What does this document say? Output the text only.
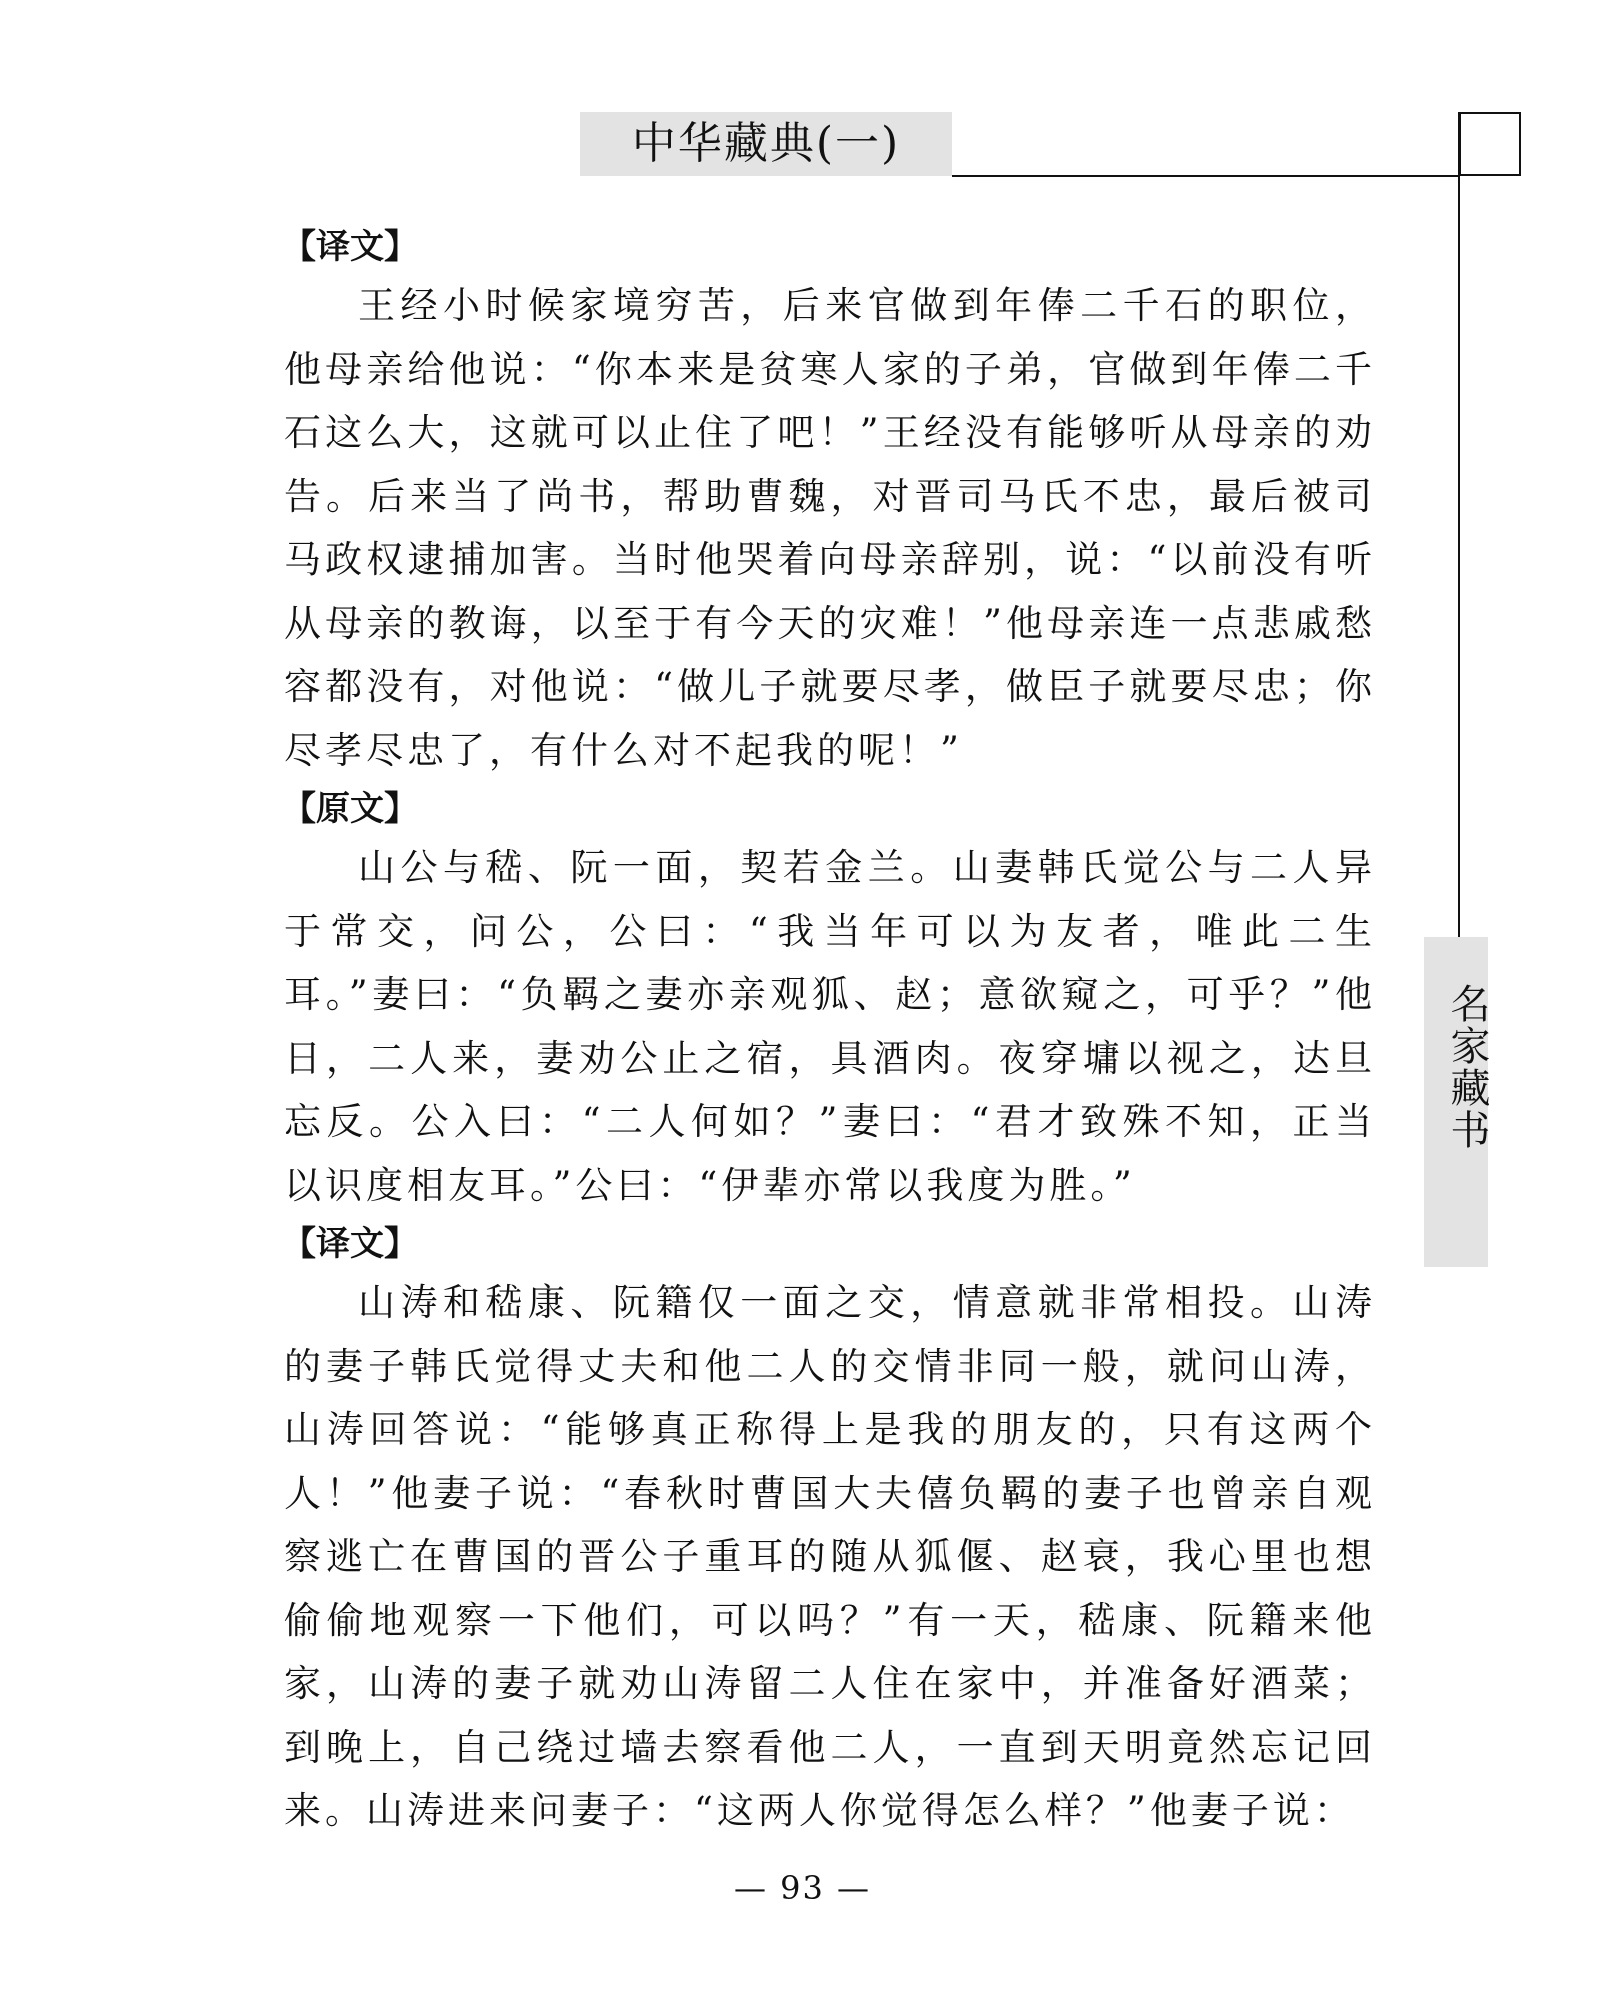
中华藏典(一)
名家藏书
【译文】

王经小时候家境穷苦，后来官做到年俸二千石的职位，他母亲给他说：“你本来是贫寒人家的子弟，官做到年俸二千石这么大，这就可以止住了吧！”王经没有能够听从母亲的劝告。后来当了尚书，帮助曹魏，对晋司马氏不忠，最后被司马政权逮捕加害。当时他哭着向母亲辞别，说：“以前没有听从母亲的教诲，以至于有今天的灾难！”他母亲连一点悲戚愁容都没有，对他说：“做儿子就要尽孝，做臣子就要尽忠；你尽孝尽忠了，有什么对不起我的呢！”

【原文】

山公与嵇、阮一面，契若金兰。山妻韩氏觉公与二人异于常交，问公，公曰：“我当年可以为友者，唯此二生耳。”妻曰：“负羁之妻亦亲观狐、赵；意欲窥之，可乎？”他日，二人来，妻劝公止之宿，具酒肉。夜穿墉以视之，达旦忘反。公入曰：“二人何如？”妻曰：“君才致殊不知，正当以识度相友耳。”公曰：“伊辈亦常以我度为胜。”

【译文】

山涛和嵇康、阮籍仅一面之交，情意就非常相投。山涛的妻子韩氏觉得丈夫和他二人的交情非同一般，就问山涛，山涛回答说：“能够真正称得上是我的朋友的，只有这两个人！”他妻子说：“春秋时曹国大夫僖负羁的妻子也曾亲自观察逃亡在曹国的晋公子重耳的随从狐偃、赵衰，我心里也想偷偷地观察一下他们，可以吗？”有一天，嵇康、阮籍来他家，山涛的妻子就劝山涛留二人住在家中，并准备好酒菜；到晚上，自己绕过墙去察看他二人，一直到天明竟然忘记回来。山涛进来问妻子：“这两人你觉得怎么样？”他妻子说：

— 93 —
